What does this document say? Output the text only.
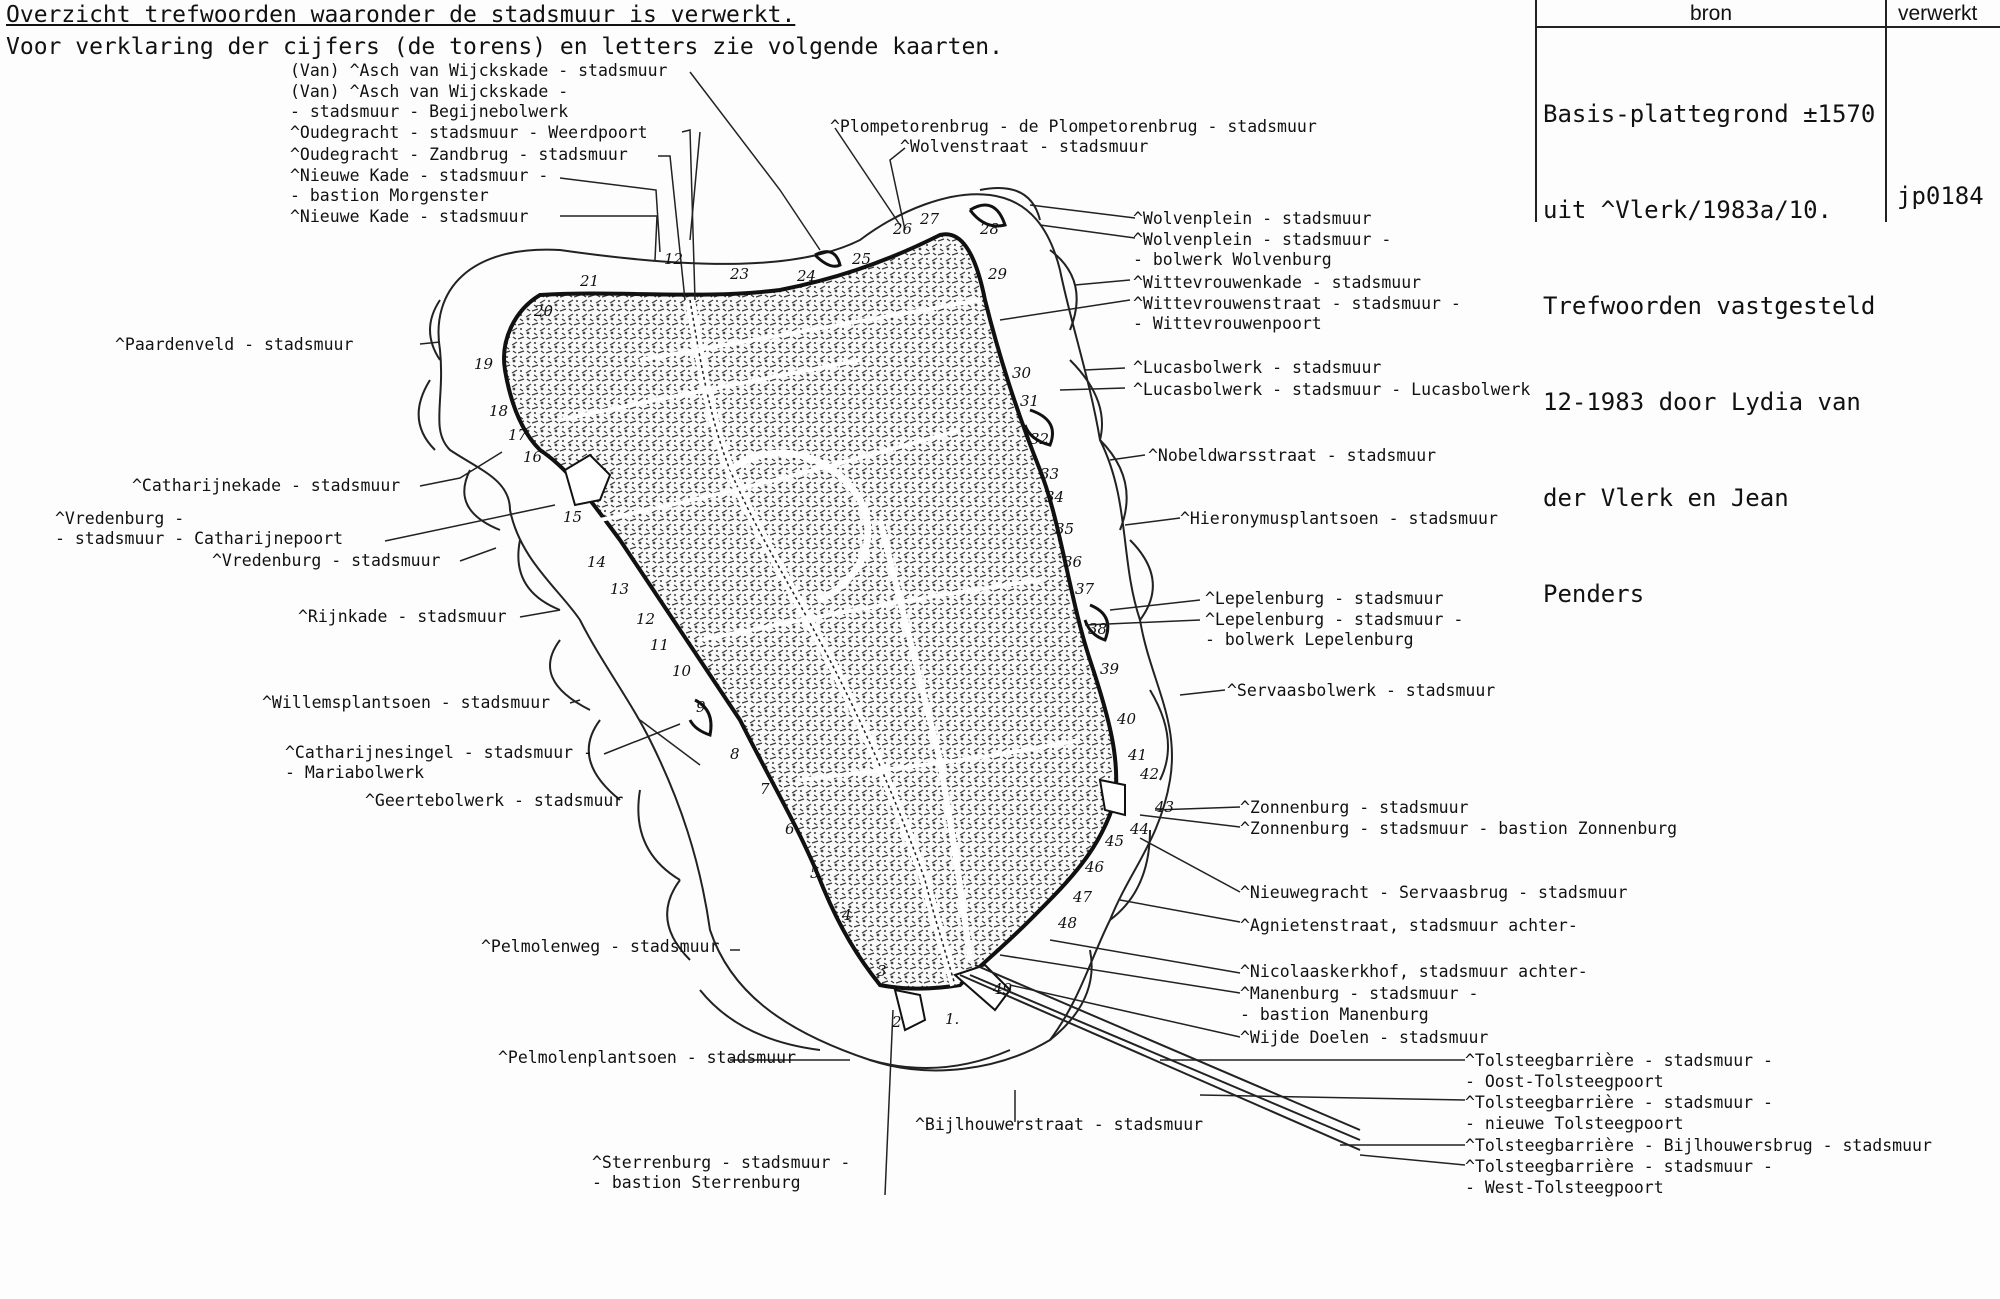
Overzicht trefwoorden waaronder de stadsmuur is verwerkt.
Voor verklaring der cijfers (de torens) en letters zie volgende kaarten.
bron	verwerkt

Basis-plattegrond ±1570

uit ^Vlerk/1983a/10.

Trefwoorden vastgesteld

12-1983 door Lydia van

der Vlerk en Jean

Penders

jp0184
(Van) ^Asch van Wijckskade - stadsmuur
(Van) ^Asch van Wijckskade -
- stadsmuur - Begijnebolwerk
^Oudegracht - stadsmuur - Weerdpoort
^Oudegracht - Zandbrug - stadsmuur
^Nieuwe Kade - stadsmuur -
- bastion Morgenster
^Nieuwe Kade - stadsmuur
^Paardenveld - stadsmuur
^Catharijnekade - stadsmuur
^Vredenburg -
- stadsmuur - Catharijnepoort
^Vredenburg - stadsmuur
^Rijnkade - stadsmuur
^Willemsplantsoen - stadsmuur
^Catharijnesingel - stadsmuur -
- Mariabolwerk
^Geertebolwerk - stadsmuur
^Pelmolenweg - stadsmuur
^Pelmolenplantsoen - stadsmuur
^Sterrenburg - stadsmuur -
- bastion Sterrenburg
^Bijlhouwerstraat - stadsmuur
^Plompetorenbrug - de Plompetorenbrug - stadsmuur
^Wolvenstraat - stadsmuur
^Wolvenplein - stadsmuur
^Wolvenplein - stadsmuur -
- bolwerk Wolvenburg
^Wittevrouwenkade - stadsmuur
^Wittevrouwenstraat - stadsmuur -
- Wittevrouwenpoort
^Lucasbolwerk - stadsmuur
^Lucasbolwerk - stadsmuur - Lucasbolwerk
^Nobeldwarsstraat - stadsmuur
^Hieronymusplantsoen - stadsmuur
^Lepelenburg - stadsmuur
^Lepelenburg - stadsmuur -
- bolwerk Lepelenburg
^Servaasbolwerk - stadsmuur
^Zonnenburg - stadsmuur
^Zonnenburg - stadsmuur - bastion Zonnenburg
^Nieuwegracht - Servaasbrug - stadsmuur
^Agnietenstraat, stadsmuur achter-
^Nicolaaskerkhof, stadsmuur achter-
^Manenburg - stadsmuur -
- bastion Manenburg
^Wijde Doelen - stadsmuur
^Tolsteegbarrière - stadsmuur -
- Oost-Tolsteegpoort
^Tolsteegbarrière - stadsmuur -
- nieuwe Tolsteegpoort
^Tolsteegbarrière - Bijlhouwersbrug - stadsmuur
^Tolsteegbarrière - stadsmuur -
- West-Tolsteegpoort
1.
2
3
4
5
6
7
8
9
10
11
12
13
14
15
16
17
18
19
20
21
12
23	24
25
26
27
28
29
30
31
32
33
34
35
36
37
38
39
40
41
42
43
44
45
46
47
48
49
